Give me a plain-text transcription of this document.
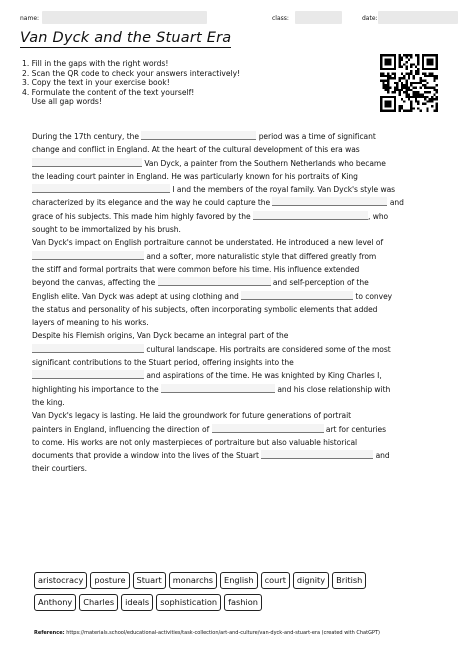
name:	class:	date:
Van Dyck and the Stuart Era
1. Fill in the gaps with the right words!
2. Scan the QR code to check your answers interactively!
3. Copy the text in your exercise book!
4. Formulate the content of the text yourself!
Use all gap words!
During the 17th century, the	period was a time of significant
change and conflict in England. At the heart of the cultural development of this era was
Van Dyck, a painter from the Southern Netherlands who became
the leading court painter in England. He was particularly known for his portraits of King
I and the members of the royal family. Van Dyck's style was
characterized by its elegance and the way he could capture the	and
grace of his subjects. This made him highly favored by the	, who
sought to be immortalized by his brush.
Van Dyck's impact on English portraiture cannot be understated. He introduced a new level of
and a softer, more naturalistic style that differed greatly from
the stiff and formal portraits that were common before his time. His influence extended
beyond the canvas, affecting the	and self-perception of the
English elite. Van Dyck was adept at using clothing and	to convey
the status and personality of his subjects, often incorporating symbolic elements that added
layers of meaning to his works.
Despite his Flemish origins, Van Dyck became an integral part of the
cultural landscape. His portraits are considered some of the most
significant contributions to the Stuart period, offering insights into the
and aspirations of the time. He was knighted by King Charles I,
highlighting his importance to the	and his close relationship with
the king.
Van Dyck's legacy is lasting. He laid the groundwork for future generations of portrait
painters in England, influencing the direction of	art for centuries
to come. His works are not only masterpieces of portraiture but also valuable historical
documents that provide a window into the lives of the Stuart	and
their courtiers.
aristocracy	posture	Stuart	monarchs	English	court	dignity	British
Anthony	Charles	ideals	sophistication	fashion
Reference: https://materials.school/educational-activities/task-collection/art-and-culture/van-dyck-and-stuart-era (created with ChatGPT)
